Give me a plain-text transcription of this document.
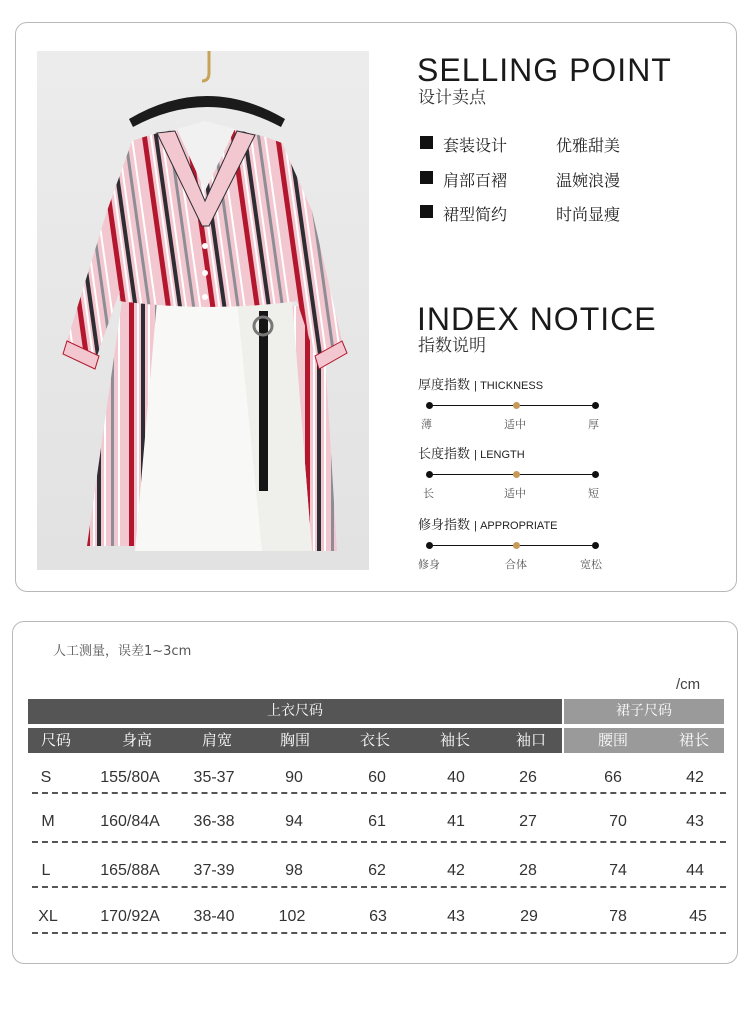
SELLING POINT
设计卖点
套装设计	优雅甜美
肩部百褶	温婉浪漫
裙型简约	时尚显瘦
INDEX NOTICE
指数说明
厚度指数 | THICKNESS
薄	适中	厚
长度指数 | LENGTH
长	适中	短
修身指数 | APPROPRIATE
修身	合体	宽松
人工测量，误差1~3cm
/cm
上衣尺码	裙子尺码
尺码	身高	肩宽	胸围	衣长	袖长	袖口	腰围	裙长
S	155/80A 35-37	90	60	40	26	66	42
M	160/84A 36-38	94	61	41	27	70	43
L	165/88A 37-39	98	62	42	28	74	44
XL	170/92A 38-40	102	63	43	29	78	45
